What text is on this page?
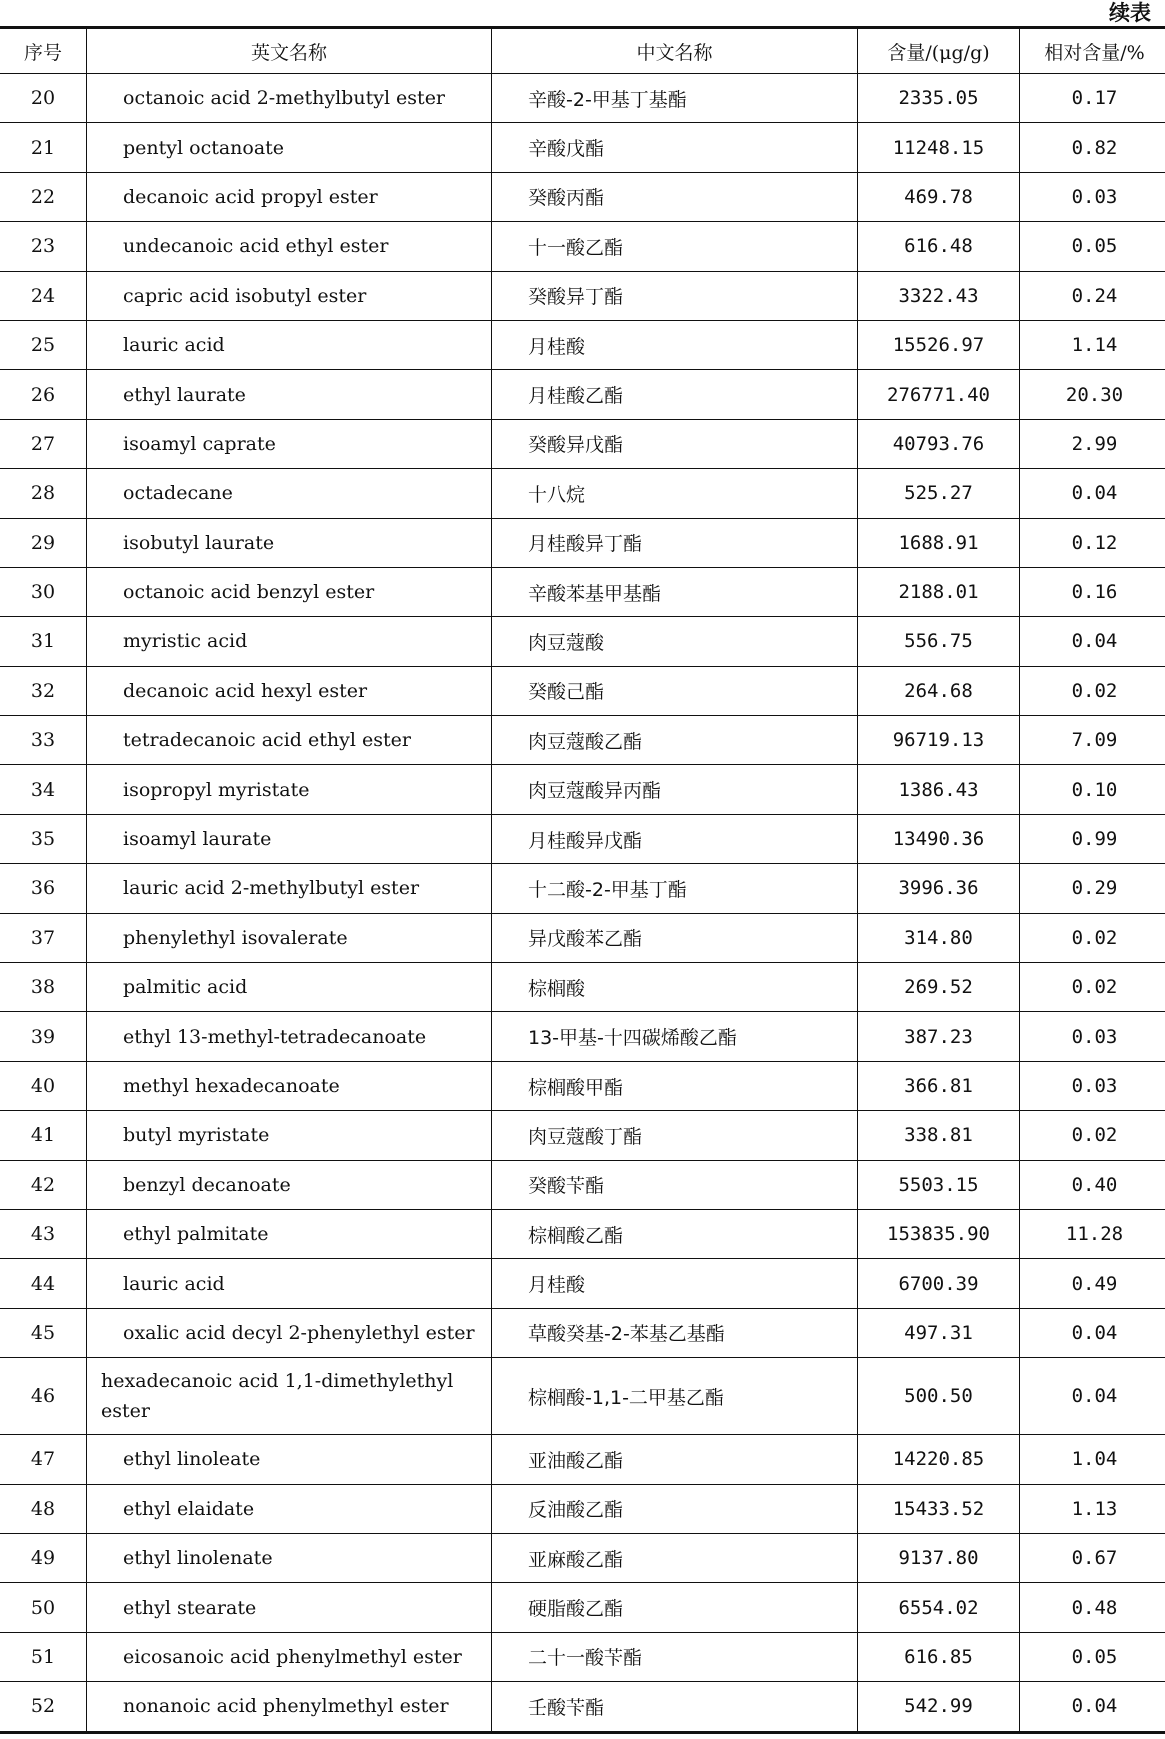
续表
序号	英文名称	中文名称	含量/(μg/g)	相对含量/%
20	octanoic acid 2-methylbutyl ester	辛酸-2-甲基丁基酯	2335.05	0.17
21	pentyl octanoate	辛酸戊酯	11248.15	0.82
22	decanoic acid propyl ester	癸酸丙酯	469.78	0.03
23	undecanoic acid ethyl ester	十一酸乙酯	616.48	0.05
24	capric acid isobutyl ester	癸酸异丁酯	3322.43	0.24
25	lauric acid	月桂酸	15526.97	1.14
26	ethyl laurate	月桂酸乙酯	276771.40	20.30
27	isoamyl caprate	癸酸异戊酯	40793.76	2.99
28	octadecane	十八烷	525.27	0.04
29	isobutyl laurate	月桂酸异丁酯	1688.91	0.12
30	octanoic acid benzyl ester	辛酸苯基甲基酯	2188.01	0.16
31	myristic acid	肉豆蔻酸	556.75	0.04
32	decanoic acid hexyl ester	癸酸己酯	264.68	0.02
33	tetradecanoic acid ethyl ester	肉豆蔻酸乙酯	96719.13	7.09
34	isopropyl myristate	肉豆蔻酸异丙酯	1386.43	0.10
35	isoamyl laurate	月桂酸异戊酯	13490.36	0.99
36	lauric acid 2-methylbutyl ester	十二酸-2-甲基丁酯	3996.36	0.29
37	phenylethyl isovalerate	异戊酸苯乙酯	314.80	0.02
38	palmitic acid	棕榈酸	269.52	0.02
39	ethyl 13-methyl-tetradecanoate	13-甲基-十四碳烯酸乙酯	387.23	0.03
40	methyl hexadecanoate	棕榈酸甲酯	366.81	0.03
41	butyl myristate	肉豆蔻酸丁酯	338.81	0.02
42	benzyl decanoate	癸酸苄酯	5503.15	0.40
43	ethyl palmitate	棕榈酸乙酯	153835.90	11.28
44	lauric acid	月桂酸	6700.39	0.49
45	oxalic acid decyl 2-phenylethyl ester	草酸癸基-2-苯基乙基酯	497.31	0.04
46	hexadecanoic acid 1,1-dimethylethyl ester	棕榈酸-1,1-二甲基乙酯	500.50	0.04
47	ethyl linoleate	亚油酸乙酯	14220.85	1.04
48	ethyl elaidate	反油酸乙酯	15433.52	1.13
49	ethyl linolenate	亚麻酸乙酯	9137.80	0.67
50	ethyl stearate	硬脂酸乙酯	6554.02	0.48
51	eicosanoic acid phenylmethyl ester	二十一酸苄酯	616.85	0.05
52	nonanoic acid phenylmethyl ester	壬酸苄酯	542.99	0.04
